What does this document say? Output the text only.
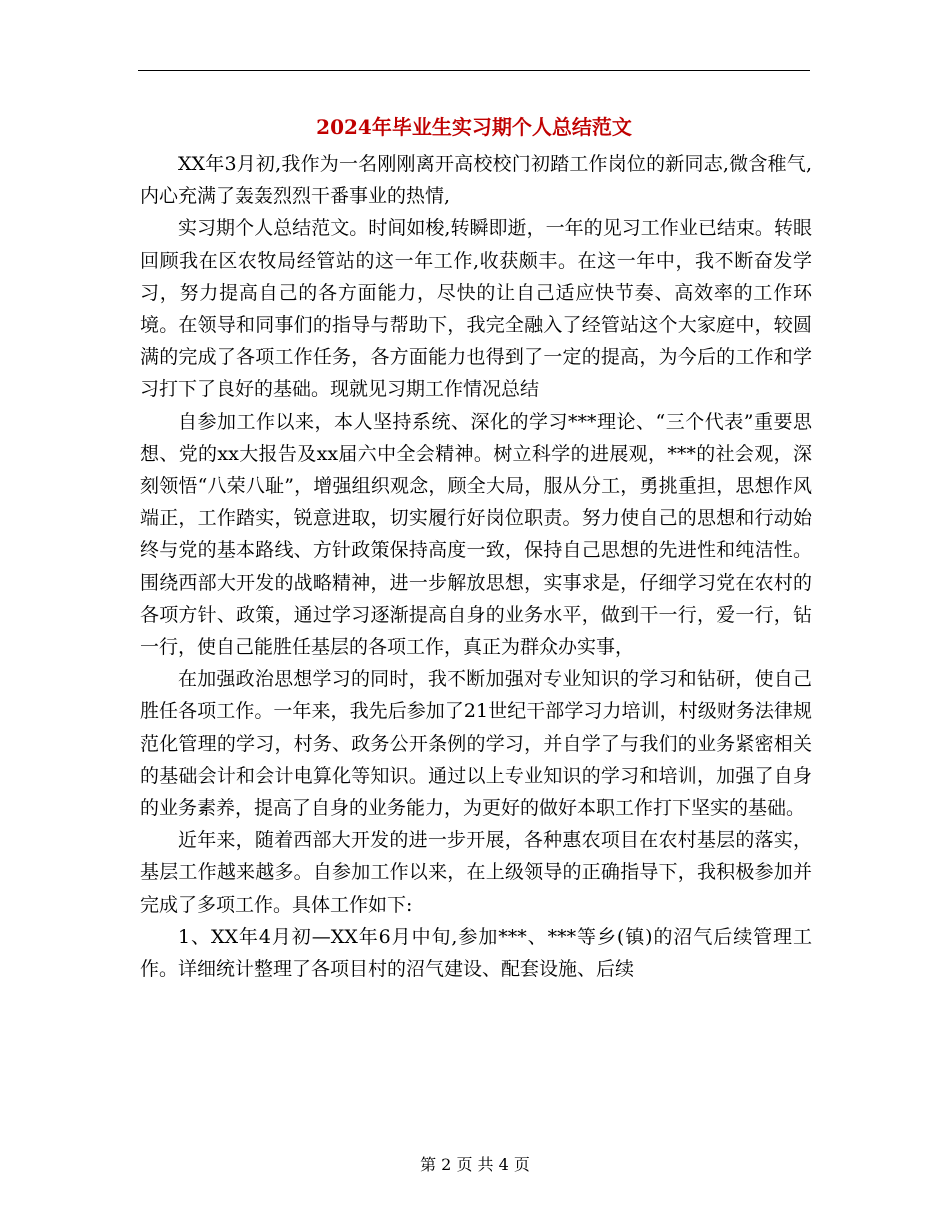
2024年毕业生实习期个人总结范文

XX年3月初,我作为一名刚刚离开高校校门初踏工作岗位的新同志,微含稚气,内心充满了轰轰烈烈干番事业的热情,

实习期个人总结范文。时间如梭,转瞬即逝，一年的见习工作业已结束。转眼回顾我在区农牧局经管站的这一年工作,收获颇丰。在这一年中，我不断奋发学习，努力提高自己的各方面能力，尽快的让自己适应快节奏、高效率的工作环境。在领导和同事们的指导与帮助下，我完全融入了经管站这个大家庭中，较圆满的完成了各项工作任务，各方面能力也得到了一定的提高，为今后的工作和学习打下了良好的基础。现就见习期工作情况总结

自参加工作以来，本人坚持系统、深化的学习***理论、“三个代表”重要思想、党的xx大报告及xx届六中全会精神。树立科学的进展观，***的社会观，深刻领悟“八荣八耻”，增强组织观念，顾全大局，服从分工，勇挑重担，思想作风端正，工作踏实，锐意进取，切实履行好岗位职责。努力使自己的思想和行动始终与党的基本路线、方针政策保持高度一致，保持自己思想的先进性和纯洁性。围绕西部大开发的战略精神，进一步解放思想，实事求是，仔细学习党在农村的各项方针、政策，通过学习逐渐提高自身的业务水平，做到干一行，爱一行，钻一行，使自己能胜任基层的各项工作，真正为群众办实事，

在加强政治思想学习的同时，我不断加强对专业知识的学习和钻研，使自己胜任各项工作。一年来，我先后参加了21世纪干部学习力培训，村级财务法律规范化管理的学习，村务、政务公开条例的学习，并自学了与我们的业务紧密相关的基础会计和会计电算化等知识。通过以上专业知识的学习和培训，加强了自身的业务素养，提高了自身的业务能力，为更好的做好本职工作打下坚实的基础。

近年来，随着西部大开发的进一步开展，各种惠农项目在农村基层的落实，基层工作越来越多。自参加工作以来，在上级领导的正确指导下，我积极参加并完成了多项工作。具体工作如下:

1、XX年4月初—XX年6月中旬,参加***、***等乡(镇)的沼气后续管理工作。详细统计整理了各项目村的沼气建设、配套设施、后续

第 2 页 共 4 页
